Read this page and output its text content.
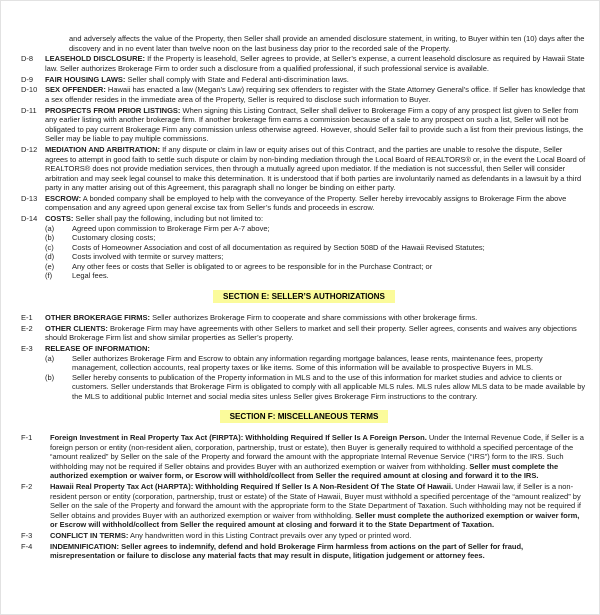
and adversely affects the value of the Property, then Seller shall provide an amended disclosure statement, in writing, to Buyer within ten (10) days after the discovery and in no event later than twelve noon on the last business day prior to the recorded sale of the Property.
D-8	LEASEHOLD DISCLOSURE: If the Property is leasehold, Seller agrees to provide, at Seller’s expense, a current leasehold disclosure as required by Hawaii State law. Seller authorizes Brokerage Firm to order such a disclosure from a qualified professional, if such professional service is available.
D-9	FAIR HOUSING LAWS: Seller shall comply with State and Federal anti-discrimination laws.
D-10	SEX OFFENDER: Hawaii has enacted a law (Megan’s Law) requiring sex offenders to register with the State Attorney General’s office. If Seller has knowledge that a sex offender resides in the immediate area of the Property, Seller is required to disclose such information to Buyer.
D-11	PROSPECTS FROM PRIOR LISTINGS: When signing this Listing Contract, Seller shall deliver to Brokerage Firm a copy of any prospect list given to Seller from any earlier listing with another brokerage firm. If another brokerage firm earns a commission because of a sale to any prospect on such a list, Seller will not be obligated to pay current Brokerage Firm any commission unless otherwise agreed. However, should Seller fail to provide such a list from their previous listings, the Seller may be liable to pay multiple commissions.
D-12	MEDIATION AND ARBITRATION: If any dispute or claim in law or equity arises out of this Contract, and the parties are unable to resolve the dispute, Seller agrees to attempt in good faith to settle such dispute or claim by non-binding mediation through the Local Board of REALTORS® or, in the event the Local Board of REALTORS® does not provide mediation services, then through a mutually agreed upon mediator. If the mediation is not successful, then Seller will consider arbitration and may seek legal counsel to make this determination. It is understood that if both parties are involuntarily named as defendants in a lawsuit by a third party in any matter arising out of this Agreement, this paragraph shall no longer be binding on either party.
D-13	ESCROW: A bonded company shall be employed to help with the conveyance of the Property. Seller hereby irrevocably assigns to Brokerage Firm the above compensation and any agreed upon general excise tax from Seller’s funds and proceeds in escrow.
D-14	COSTS: Seller shall pay the following, including but not limited to:
(a)	Agreed upon commission to Brokerage Firm per A-7 above;
(b)	Customary closing costs;
(c)	Costs of Homeowner Association and cost of all documentation as required by Section 508D of the Hawaii Revised Statutes;
(d)	Costs involved with termite or survey matters;
(e)	Any other fees or costs that Seller is obligated to or agrees to be responsible for in the Purchase Contract; or
(f)	Legal fees.
SECTION E: SELLER’S AUTHORIZATIONS
E-1	OTHER BROKERAGE FIRMS: Seller authorizes Brokerage Firm to cooperate and share commissions with other brokerage firms.
E-2	OTHER CLIENTS: Brokerage Firm may have agreements with other Sellers to market and sell their property. Seller agrees, consents and waives any objections should Brokerage Firm list and show similar properties as Seller’s property.
E-3	RELEASE OF INFORMATION:
(a)	Seller authorizes Brokerage Firm and Escrow to obtain any information regarding mortgage balances, lease rents, maintenance fees, property management, collection accounts, real property taxes or like items. Some of this information will be available to prospective Buyers in MLS.
(b)	Seller hereby consents to publication of the Property information in MLS and to the use of this information for market studies and advice to clients or customers. Seller understands that Brokerage Firm is obligated to comply with all applicable MLS rules. MLS rules allow MLS data to be made available by the MLS to additional public Internet and social media sites unless Seller gives Brokerage Firm instructions to the contrary.
SECTION F: MISCELLANEOUS TERMS
F-1	Foreign Investment in Real Property Tax Act (FIRPTA): Withholding Required If Seller Is A Foreign Person. Under the Internal Revenue Code, if Seller is a foreign person or entity (non-resident alien, corporation, partnership, trust or estate), then Buyer is generally required to withhold a specified percentage of the “amount realized” by Seller on the sale of the Property and forward the amount with the appropriate Internal Revenue Service (“IRS”) form to the IRS. Such withholding may not be required if Seller obtains and provides Buyer with an authorized exemption or waiver from withholding. Seller must complete the authorized exemption or waiver form, or Escrow will withhold/collect from Seller the required amount at closing and forward it to the IRS.
F-2	Hawaii Real Property Tax Act (HARPTA): Withholding Required If Seller Is A Non-Resident Of The State Of Hawaii. Under Hawaii law, if Seller is a non-resident person or entity (corporation, partnership, trust or estate) of the State of Hawaii, Buyer must withhold a specified percentage of the “amount realized” by Seller on the sale of the Property and forward the amount with the appropriate form to the State Department of Taxation. Such withholding may not be required if Seller obtains and provides Buyer with an authorized exemption or waiver from withholding. Seller must complete the authorized exemption or waiver form, or Escrow will withhold/collect from Seller the required amount at closing and forward it to the State Department of Taxation.
F-3	CONFLICT IN TERMS: Any handwritten word in this Listing Contract prevails over any typed or printed word.
F-4	INDEMNIFICATION: Seller agrees to indemnify, defend and hold Brokerage Firm harmless from actions on the part of Seller for fraud, misrepresentation or failure to disclose any material facts that may result in dispute, litigation judgement or attorney fees.
